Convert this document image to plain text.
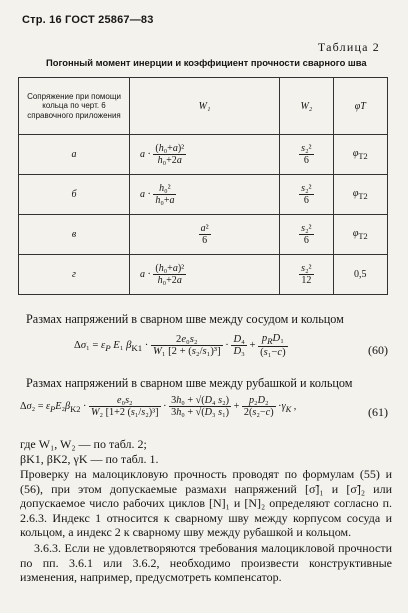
Стр. 16 ГОСТ 25867—83
Таблица 2
Погонный момент инерции и коэффициент прочности сварного шва
Сопряжение при помощи кольца по черт. 6 справочного приложения	W₁	W₂	φT
а	$a \cdot \frac{\text{(h₀+a)²}}{\text{h₀+2a}}$	$\frac{\text{s₂²}}{6}$	$\varphi_{T2}$
б	$a \cdot \frac{\text{h₀²}}{\text{h₀+a}}$	$\frac{\text{s₂²}}{6}$	$\varphi_{T2}$
в	$\frac{\text{a²}}{6}$	$\frac{\text{s₂²}}{6}$	$\varphi_{T2}$
г	$a \cdot \frac{\text{(h₀+a)²}}{\text{h₀+2a}}$	$\frac{\text{s₂²}}{12}$	0,5
Размах напряжений в сварном шве между сосудом и кольцом
$\Delta\sigma_1 = \varepsilon_P$ E₁ $\beta_{K1} \cdot \frac{\text{2e₀s₂}}{\text{W₁ [2 + (s₂/s₁)³]}} \cdot \frac{\text{D₄}}{\text{D₃}}$ +
$p_RD_1$
(s₁−c)	(60)
Размах напряжений в сварном шве между рубашкой и кольцом
$\Delta\sigma_2 = \varepsilon_PE_2\beta_{K2} \cdot \frac{\text{e₀s₂}}{\text{W₂ [1+2 (s₁/s₂)³]}} \cdot \frac{\text{3h₀ + √(D₄ s₂)}}{\text{3h₀ + √(D₃ s₁)}} + \frac{\text{p₂D₂}}{\text{2(s₂−c)}} \cdot\gamma_K$ ,	(61)
где W₁, W₂ — по табл. 2;
βK1, βK2, γK — по табл. 1.
Проверку на малоцикловую прочность проводят по формулам (55) и (56), при этом допускаемые размахи напряжений [σ̃]₁ и [σ̃]₂ или допускаемое число рабочих циклов [N]₁ и [N]₂ определяют согласно п. 2.6.3. Индекс 1 относится к сварному шву между корпусом сосуда и кольцом, а индекс 2 к сварному шву между рубашкой и кольцом.
3.6.3. Если не удовлетворяются требования малоцикловой прочности по пп. 3.6.1 или 3.6.2, необходимо произвести конструктивные изменения, например, предусмотреть компенсатор.
